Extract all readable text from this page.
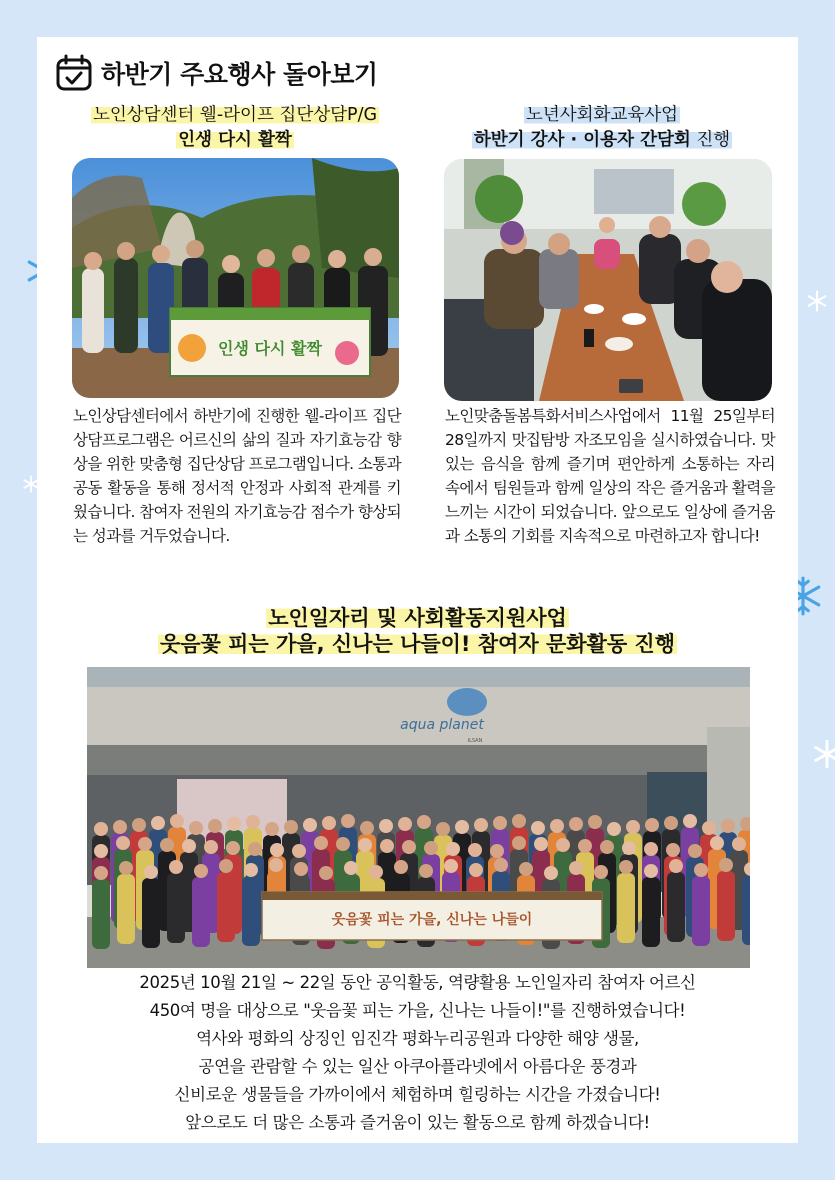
하반기 주요행사 돌아보기
노인상담센터 웰-라이프 집단상담P/G
인생 다시 활짝
인생 다시 활짝
노인상담센터에서 하반기에 진행한 웰-라이프 집단상담프로그램은 어르신의 삶의 질과 자기효능감 향상을 위한 맞춤형 집단상담 프로그램입니다. 소통과 공동 활동을 통해 정서적 안정과 사회적 관계를 키웠습니다. 참여자 전원의 자기효능감 점수가 향상되는 성과를 거두었습니다.
노년사회화교육사업
하반기 강사 · 이용자 간담회 진행
노인맞춤돌봄특화서비스사업에서 11월 25일부터 28일까지 맛집탐방 자조모임을 실시하였습니다. 맛있는 음식을 함께 즐기며 편안하게 소통하는 자리 속에서 팀원들과 함께 일상의 작은 즐거움과 활력을 느끼는 시간이 되었습니다. 앞으로도 일상에 즐거움과 소통의 기회를 지속적으로 마련하고자 합니다!
노인일자리 및 사회활동지원사업
웃음꽃 피는 가을, 신나는 나들이! 참여자 문화활동 진행
aqua planet
ILSAN
웃음꽃 피는 가을, 신나는 나들이
2025년 10월 21일 ~ 22일 동안 공익활동, 역량활용 노인일자리 참여자 어르신
450여 명을 대상으로 "웃음꽃 피는 가을, 신나는 나들이!"를 진행하였습니다!
역사와 평화의 상징인 임진각 평화누리공원과 다양한 해양 생물,
공연을 관람할 수 있는 일산 아쿠아플라넷에서 아름다운 풍경과
신비로운 생물들을 가까이에서 체험하며 힐링하는 시간을 가졌습니다!
앞으로도 더 많은 소통과 즐거움이 있는 활동으로 함께 하겠습니다!
